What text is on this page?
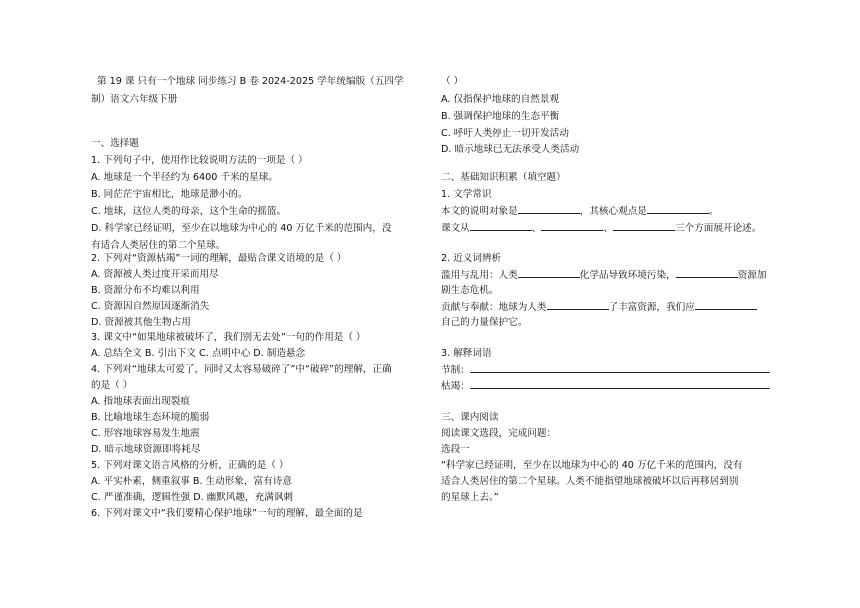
第 19 课 只有一个地球 同步练习 B 卷 2024-2025 学年统编版（五四学
制）语文六年级下册
一、选择题
1. 下列句子中，使用作比较说明方法的一项是（ ）
A. 地球是一个半径约为 6400 千米的星球。
B. 同茫茫宇宙相比，地球是渺小的。
C. 地球，这位人类的母亲，这个生命的摇篮。
D. 科学家已经证明，至少在以地球为中心的 40 万亿千米的范围内，没
有适合人类居住的第二个星球。
2. 下列对“资源枯竭”一词的理解，最贴合课文语境的是（ ）
A. 资源被人类过度开采而用尽
B. 资源分布不均难以利用
C. 资源因自然原因逐渐消失
D. 资源被其他生物占用
3. 课文中“如果地球被破坏了，我们别无去处”一句的作用是（ ）
A. 总结全文 B. 引出下文 C. 点明中心 D. 制造悬念
4. 下列对“地球太可爱了，同时又太容易破碎了”中“破碎”的理解，正确
的是（ ）
A. 指地球表面出现裂痕
B. 比喻地球生态环境的脆弱
C. 形容地球容易发生地震
D. 暗示地球资源即将耗尽
5. 下列对课文语言风格的分析，正确的是（ ）
A. 平实朴素，侧重叙事 B. 生动形象，富有诗意
C. 严谨准确，逻辑性强 D. 幽默风趣，充满讽刺
6. 下列对课文中“我们要精心保护地球”一句的理解，最全面的是
（ ）
A. 仅指保护地球的自然景观
B. 强调保护地球的生态平衡
C. 呼吁人类停止一切开发活动
D. 暗示地球已无法承受人类活动
二、基础知识积累（填空题）
1. 文学常识
本文的说明对象是	，其核心观点是	。
课文从	、	、	三个方面展开论述。
2. 近义词辨析
滥用与乱用：人类	化学品导致环境污染，	资源加
剧生态危机。
贡献与奉献：地球为人类	了丰富资源，我们应
自己的力量保护它。
3. 解释词语
节制：
枯竭：
三、课内阅读
阅读课文选段，完成问题：
选段一
“科学家已经证明，至少在以地球为中心的 40 万亿千米的范围内，没有
适合人类居住的第二个星球。人类不能指望地球被破坏以后再移居到别
的星球上去。”
